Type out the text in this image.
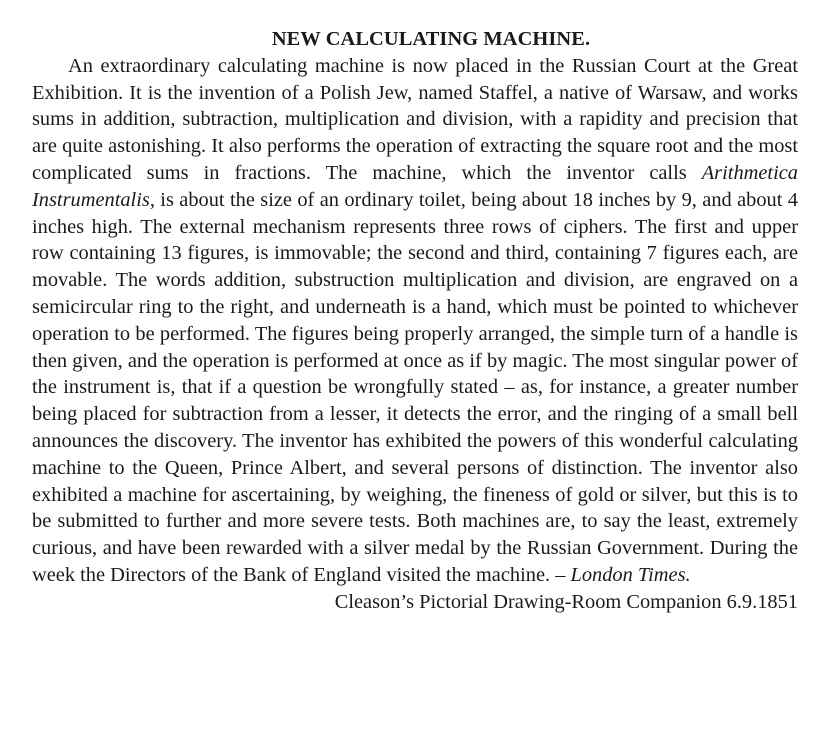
NEW CALCULATING MACHINE.

An extraordinary calculating machine is now placed in the Russian Court at the Great Exhibition. It is the invention of a Polish Jew, named Staffel, a native of Warsaw, and works sums in addition, subtraction, multiplication and division, with a rapidity and precision that are quite astonishing. It also performs the operation of extracting the square root and the most complicated sums in fractions. The machine, which the inventor calls Arithmetica Instrumentalis, is about the size of an ordinary toilet, being about 18 inches by 9, and about 4 inches high. The external mechanism represents three rows of ciphers. The first and upper row containing 13 figures, is immovable; the second and third, containing 7 figures each, are movable. The words addition, substruction multiplication and division, are engraved on a semicircular ring to the right, and underneath is a hand, which must be pointed to whichever operation to be performed. The figures being properly arranged, the simple turn of a handle is then given, and the operation is performed at once as if by magic. The most singular power of the instrument is, that if a question be wrongfully stated – as, for instance, a greater number being placed for subtraction from a lesser, it detects the error, and the ringing of a small bell announces the discovery. The inventor has exhibited the powers of this wonderful calculating machine to the Queen, Prince Albert, and several persons of distinction. The inventor also exhibited a machine for ascertaining, by weighing, the fineness of gold or silver, but this is to be submitted to further and more severe tests. Both machines are, to say the least, extremely curious, and have been rewarded with a silver medal by the Russian Government. During the week the Directors of the Bank of England visited the machine. – London Times.

Cleason’s Pictorial Drawing-Room Companion 6.9.1851
